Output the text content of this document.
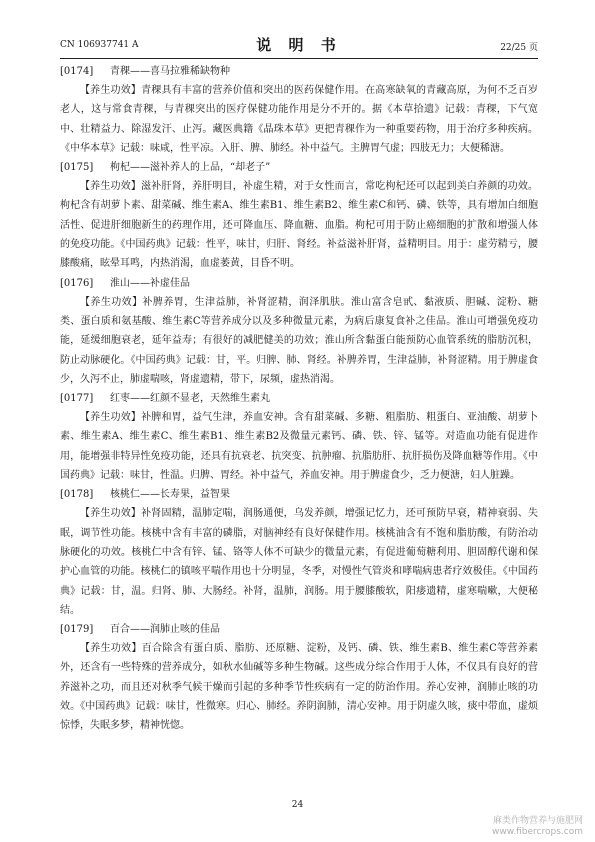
CN 106937741 A	说 明 书	22/25 页
[0174] 青稞——喜马拉雅稀缺物种

【养生功效】青稞具有丰富的营养价值和突出的医药保健作用。在高寒缺氧的青藏高原，为何不乏百岁老人，这与常食青稞，与青稞突出的医疗保健功能作用是分不开的。据《本草拾遗》记载：青稞，下气宽中、壮精益力、除湿发汗、止泻。藏医典籍《晶珠本草》更把青稞作为一种重要药物，用于治疗多种疾病。《中华本草》记载：味咸，性平凉。入肝、脾、肺经。补中益气。主脾胃气虚；四肢无力；大便稀溏。

[0175] 枸杞——滋补养人的上品，“却老子”

【养生功效】滋补肝肾，养肝明目，补虚生精，对于女性而言，常吃枸杞还可以起到美白养颜的功效。枸杞含有胡萝卜素、甜菜碱、维生素A、维生素B1、维生素B2、维生素C和钙、磷、铁等，具有增加白细胞活性、促进肝细胞新生的药理作用，还可降血压、降血糖、血脂。枸杞可用于防止癌细胞的扩散和增强人体的免疫功能。《中国药典》记载：性平，味甘，归肝、肾经。补益滋补肝肾，益精明目。用于：虚劳精亏，腰膝酸痛，眩晕耳鸣，内热消渴，血虚萎黄，目昏不明。

[0176] 淮山——补虚佳品

【养生功效】补脾养胃，生津益肺，补肾涩精，润泽肌肤。淮山富含皂甙、黏液质、胆碱、淀粉、糖类、蛋白质和氨基酸、维生素C等营养成分以及多种微量元素，为病后康复食补之佳品。淮山可增强免疫功能，延缓细胞衰老，延年益寿；有很好的减肥健美的功效；淮山所含黏蛋白能预防心血管系统的脂肪沉积，防止动脉硬化。《中国药典》记载：甘，平。归脾、肺、肾经。补脾养胃，生津益肺，补肾涩精。用于脾虚食少，久泻不止，肺虚喘咳，肾虚遗精，带下，尿频，虚热消渴。

[0177] 红枣——红颜不显老，天然维生素丸

【养生功效】补脾和胃，益气生津，养血安神。含有甜菜碱、多糖、粗脂肪、粗蛋白、亚油酸、胡萝卜素、维生素A、维生素C、维生素B1、维生素B2及微量元素钙、磷、铁、锌、锰等。对造血功能有促进作用，能增强非特异性免疫功能，还具有抗衰老、抗突变、抗肿瘤、抗脂肪肝、抗肝损伤及降血糖等作用。《中国药典》记载：味甘，性温。归脾、胃经。补中益气，养血安神。用于脾虚食少，乏力便溏，妇人脏躁。

[0178] 核桃仁——长寿果，益智果

【养生功效】补肾固精，温肺定喘，润肠通便，乌发养颜，增强记忆力，还可预防早衰，精神衰弱、失眠，调节性功能。核桃中含有丰富的磷脂，对脑神经有良好保健作用。核桃油含有不饱和脂肪酸，有防治动脉硬化的功效。核桃仁中含有锌、锰、铬等人体不可缺少的微量元素，有促进葡萄糖利用、胆固醇代谢和保护心血管的功能。核桃仁的镇咳平喘作用也十分明显，冬季，对慢性气管炎和哮喘病患者疗效极佳。《中国药典》记载：甘，温。归肾、肺、大肠经。补肾，温肺，润肠。用于腰膝酸软，阳痿遗精，虚寒喘嗽，大便秘结。

[0179] 百合——润肺止咳的佳品

【养生功效】百合除含有蛋白质、脂肪、还原糖、淀粉，及钙、磷、铁、维生素B、维生素C等营养素外，还含有一些特殊的营养成分，如秋水仙碱等多种生物碱。这些成分综合作用于人体，不仅具有良好的营养滋补之功，而且还对秋季气候干燥而引起的多种季节性疾病有一定的防治作用。养心安神，润肺止咳的功效。《中国药典》记载：味甘，性微寒。归心、肺经。养阴润肺，清心安神。用于阴虚久咳，痰中带血，虚烦惊悸，失眠多梦，精神恍惚。

24
麻类作物营养与施肥网
www.fibercrops.com
